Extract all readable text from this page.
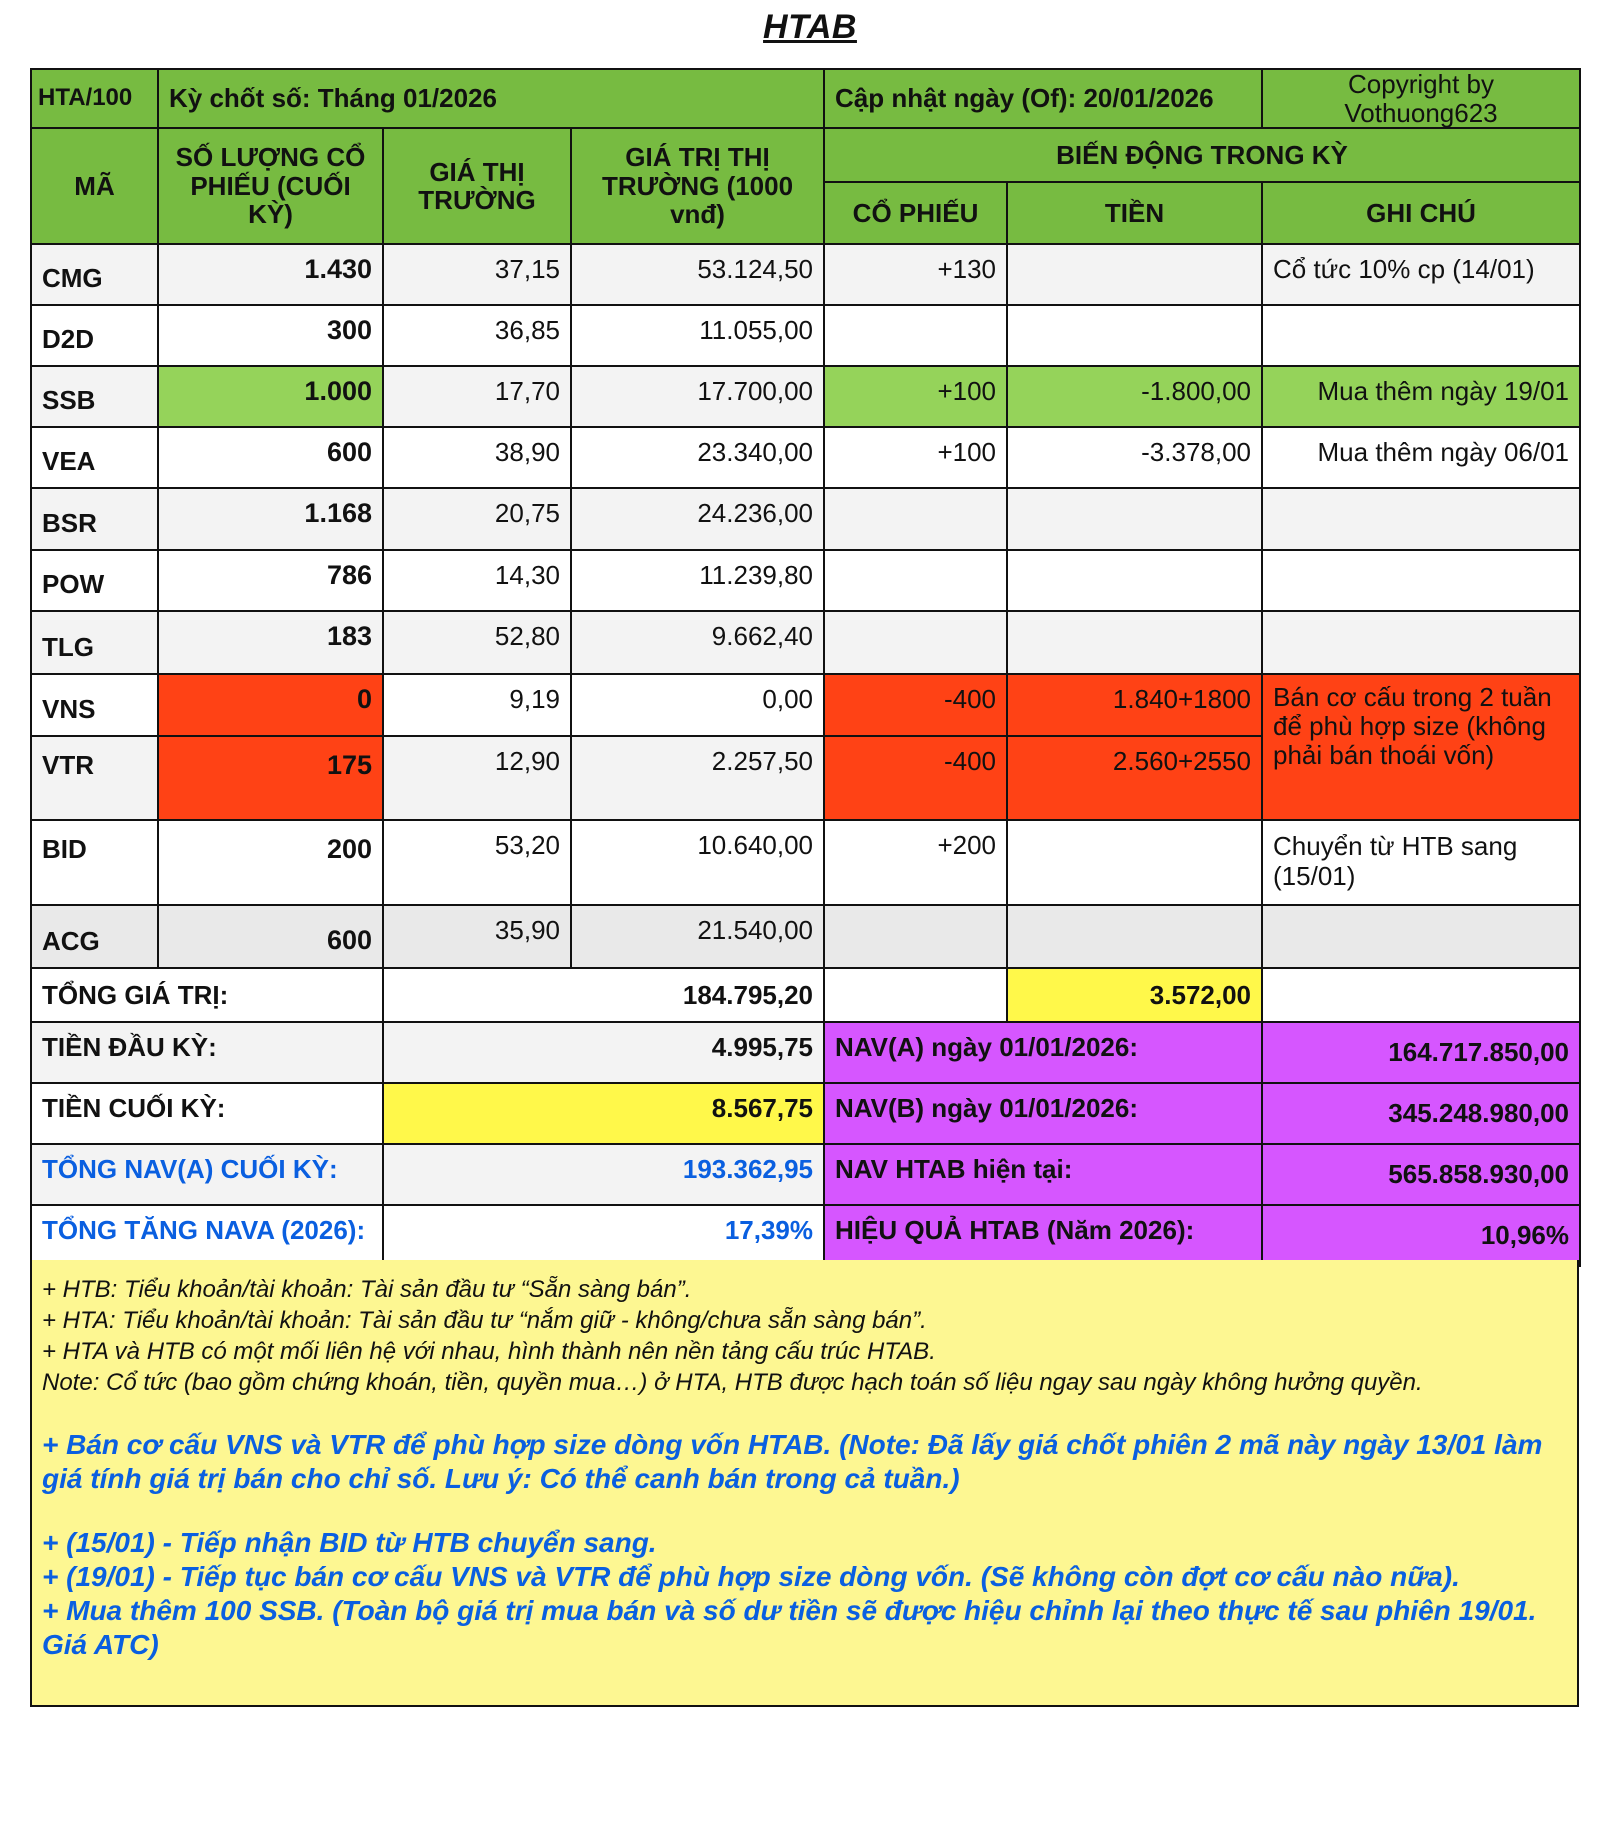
HTAB
HTA/100	Kỳ chốt số: Tháng 01/2026			Cập nhật ngày (Of): 20/01/2026		Copyright by Vothuong623
MÃ	SỐ LƯỢNG CỔ PHIẾU (CUỐI KỲ)	GIÁ THỊ TRƯỜNG	GIÁ TRỊ THỊ TRƯỜNG (1000 vnđ)	BIẾN ĐỘNG TRONG KỲ		
				CỔ PHIẾU	TIỀN	GHI CHÚ
CMG	1.430	37,15	53.124,50	+130		Cổ tức 10% cp (14/01)
D2D	300	36,85	11.055,00			
SSB	1.000	17,70	17.700,00	+100	-1.800,00	Mua thêm ngày 19/01
VEA	600	38,90	23.340,00	+100	-3.378,00	Mua thêm ngày 06/01
BSR	1.168	20,75	24.236,00			
POW	786	14,30	11.239,80			
TLG	183	52,80	9.662,40			
VNS	0	9,19	0,00	-400	1.840+1800	Bán cơ cấu trong 2 tuần để phù hợp size (không phải bán thoái vốn)
VTR	175	12,90	2.257,50	-400	2.560+2550	
BID	200	53,20	10.640,00	+200		Chuyển từ HTB sang (15/01)
ACG	600	35,90	21.540,00			
TỔNG GIÁ TRỊ:		184.795,20			3.572,00	
TIỀN ĐẦU KỲ:		4.995,75		NAV(A) ngày 01/01/2026:		164.717.850,00
TIỀN CUỐI KỲ:		8.567,75		NAV(B) ngày 01/01/2026:		345.248.980,00
TỔNG NAV(A) CUỐI KỲ:		193.362,95		NAV HTAB hiện tại:		565.858.930,00
TỔNG TĂNG NAVA (2026):		17,39%		HIỆU QUẢ HTAB (Năm 2026):		10,96%
+ HTB: Tiểu khoản/tài khoản: Tài sản đầu tư “Sẵn sàng bán”.
+ HTA: Tiểu khoản/tài khoản: Tài sản đầu tư “nắm giữ - không/chưa sẵn sàng bán”.
+ HTA và HTB có một mối liên hệ với nhau, hình thành nên nền tảng cấu trúc HTAB.
Note: Cổ tức (bao gồm chứng khoán, tiền, quyền mua…) ở HTA, HTB được hạch toán số liệu ngay sau ngày không hưởng quyền.
+ Bán cơ cấu VNS và VTR để phù hợp size dòng vốn HTAB. (Note: Đã lấy giá chốt phiên 2 mã này ngày 13/01 làm giá tính giá trị bán cho chỉ số. Lưu ý: Có thể canh bán trong cả tuần.)
+ (15/01) - Tiếp nhận BID từ HTB chuyển sang.
+ (19/01) - Tiếp tục bán cơ cấu VNS và VTR để phù hợp size dòng vốn. (Sẽ không còn đợt cơ cấu nào nữa).
+ Mua thêm 100 SSB. (Toàn bộ giá trị mua bán và số dư tiền sẽ được hiệu chỉnh lại theo thực tế sau phiên 19/01. Giá ATC)
